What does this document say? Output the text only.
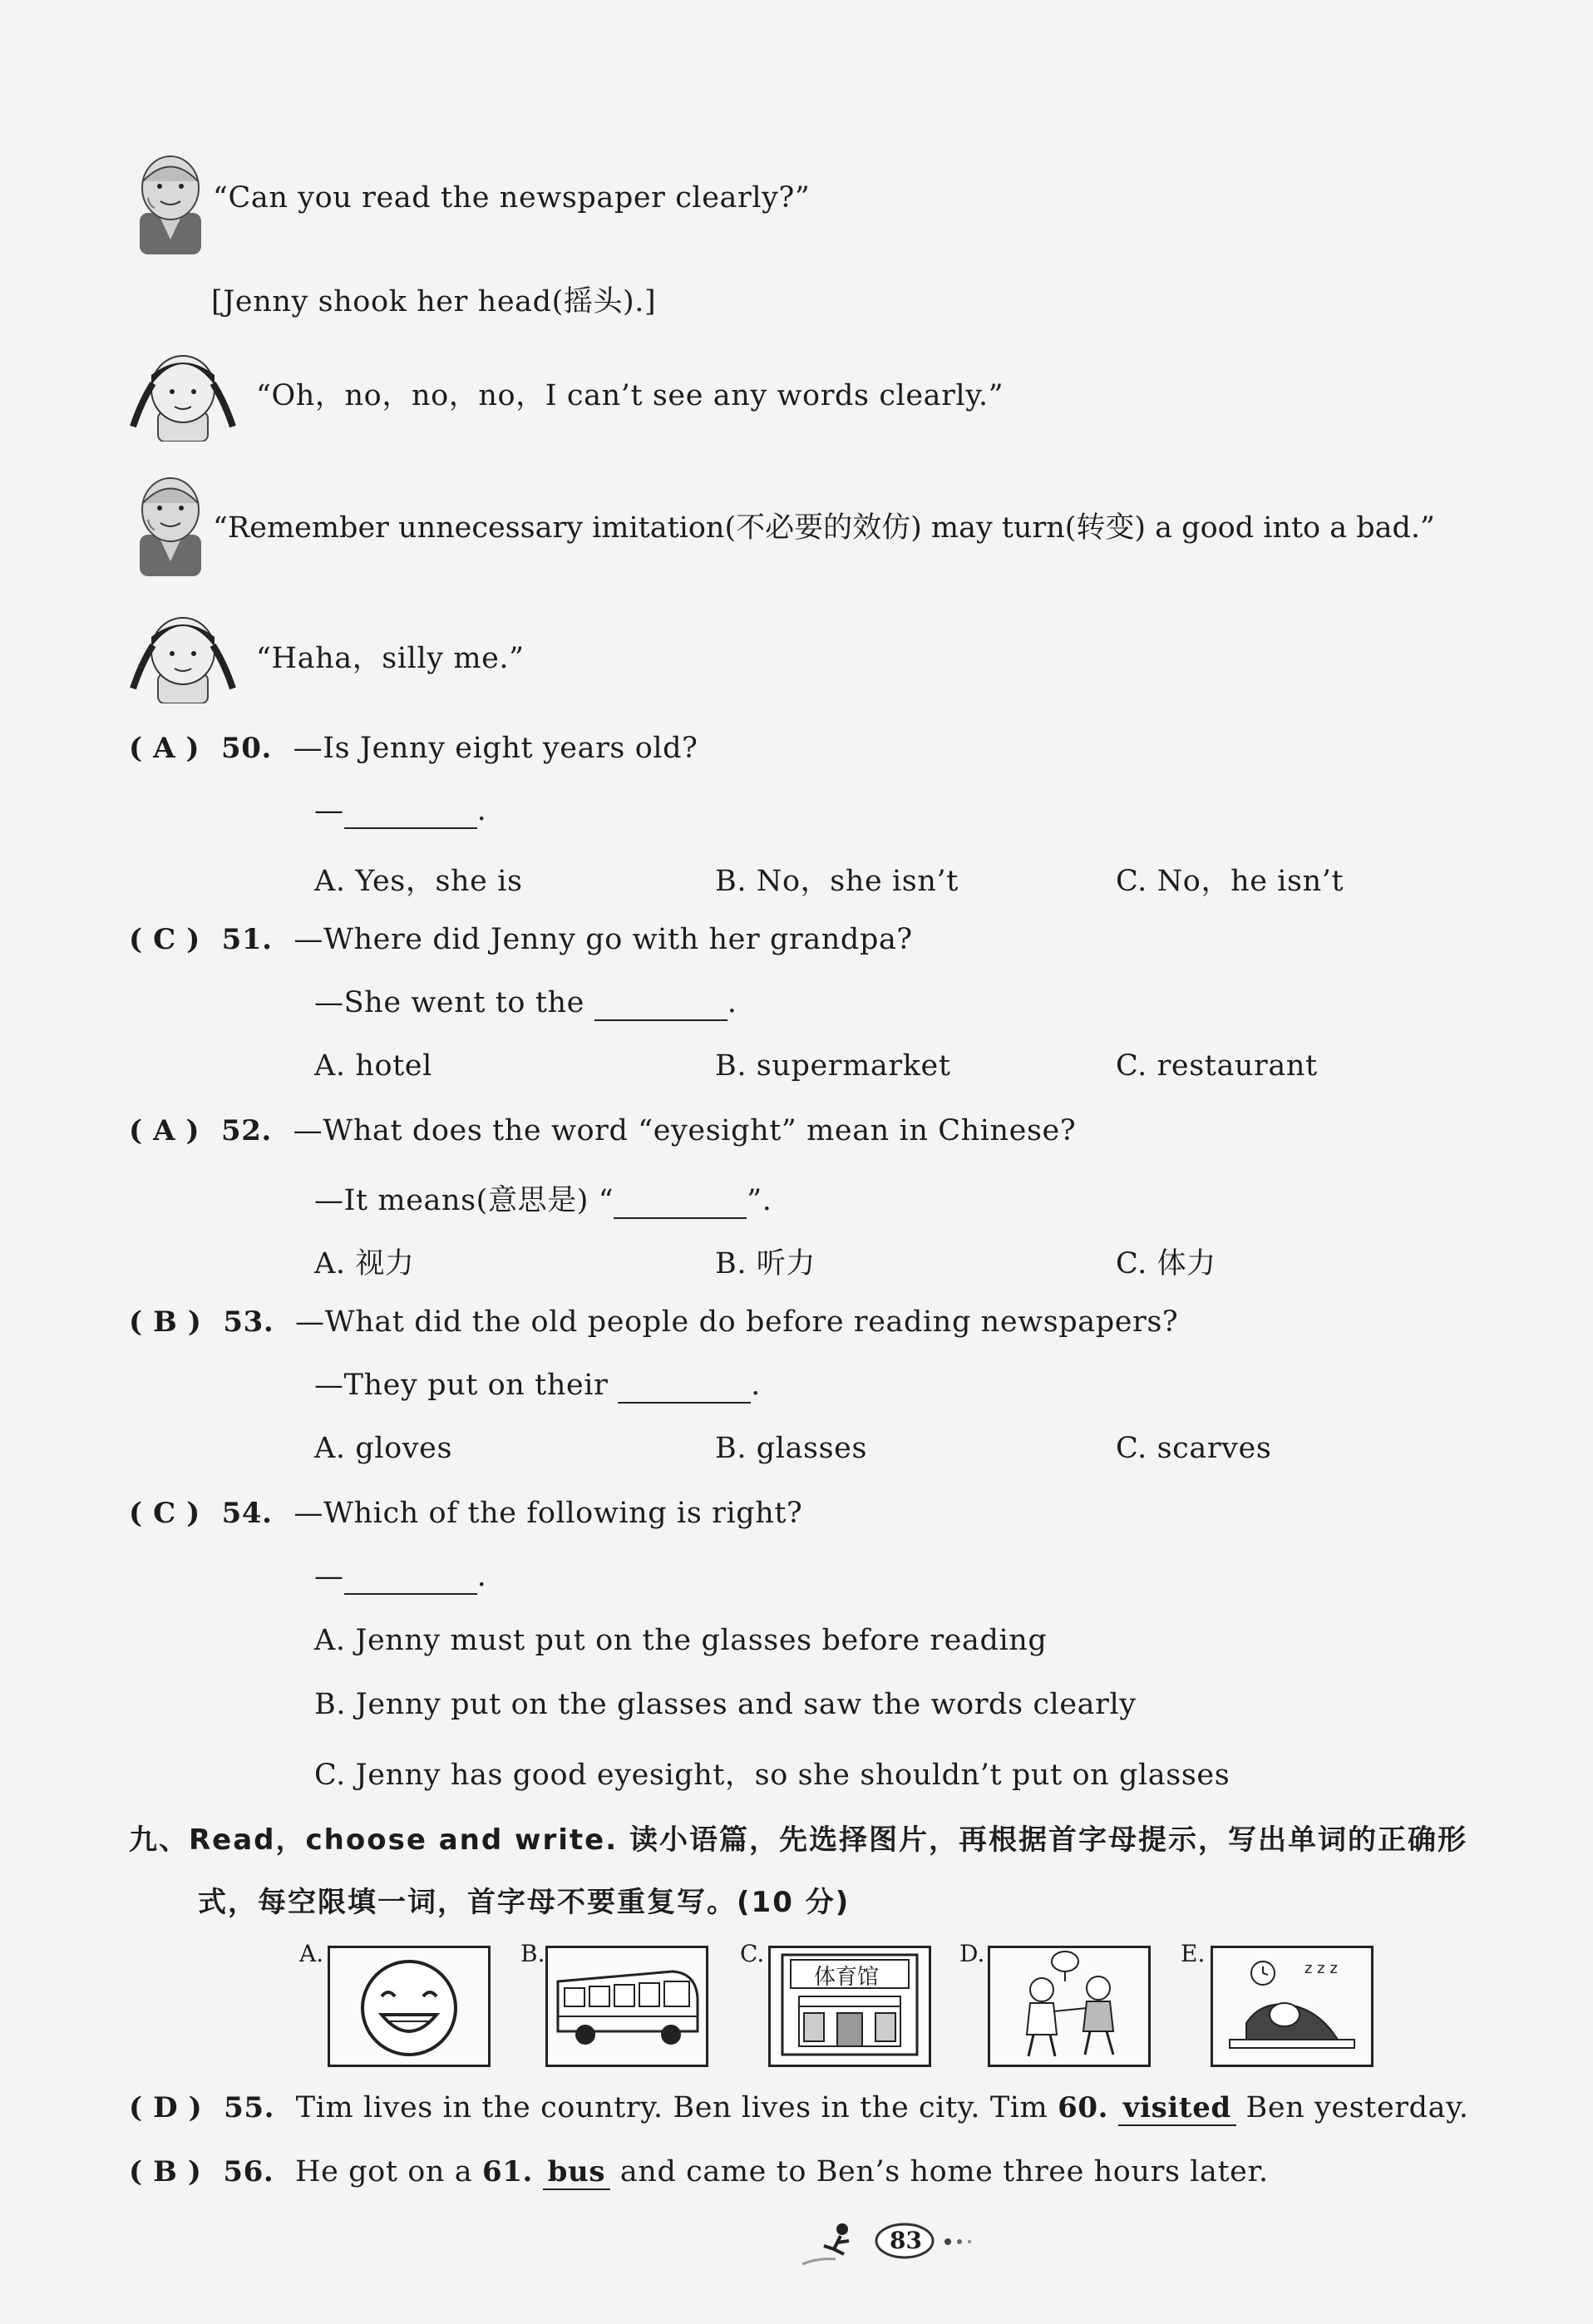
“Can you read the newspaper clearly?”
[Jenny shook her head(摇头).]
“Oh，no，no，no，I can’t see any words clearly.”
“Remember unnecessary imitation(不必要的效仿) may turn(转变) a good into a bad.”
“Haha，silly me.”
( A ) 50. —Is Jenny eight years old?
—	.
A. Yes，she is	B. No，she isn’t	C. No，he isn’t
( C ) 51. —Where did Jenny go with her grandpa?
—She went to the	.
A. hotel	B. supermarket	C. restaurant
( A ) 52. —What does the word “eyesight” mean in Chinese?
—It means(意思是) “	”.
A. 视力	B. 听力	C. 体力
( B ) 53. —What did the old people do before reading newspapers?
—They put on their	.
A. gloves	B. glasses	C. scarves
( C ) 54. —Which of the following is right?
—	.
A. Jenny must put on the glasses before reading
B. Jenny put on the glasses and saw the words clearly
C. Jenny has good eyesight，so she shouldn’t put on glasses
九、Read，choose and write. 读小语篇，先选择图片，再根据首字母提示，写出单词的正确形
式，每空限填一词，首字母不要重复写。(10 分)
A.	B.	C.
体育馆
D.	E.
z z z
( D ) 55. Tim lives in the country. Ben lives in the city. Tim 60. visited Ben yesterday.
( B ) 56. He got on a 61. bus and came to Ben’s home three hours later.
83
